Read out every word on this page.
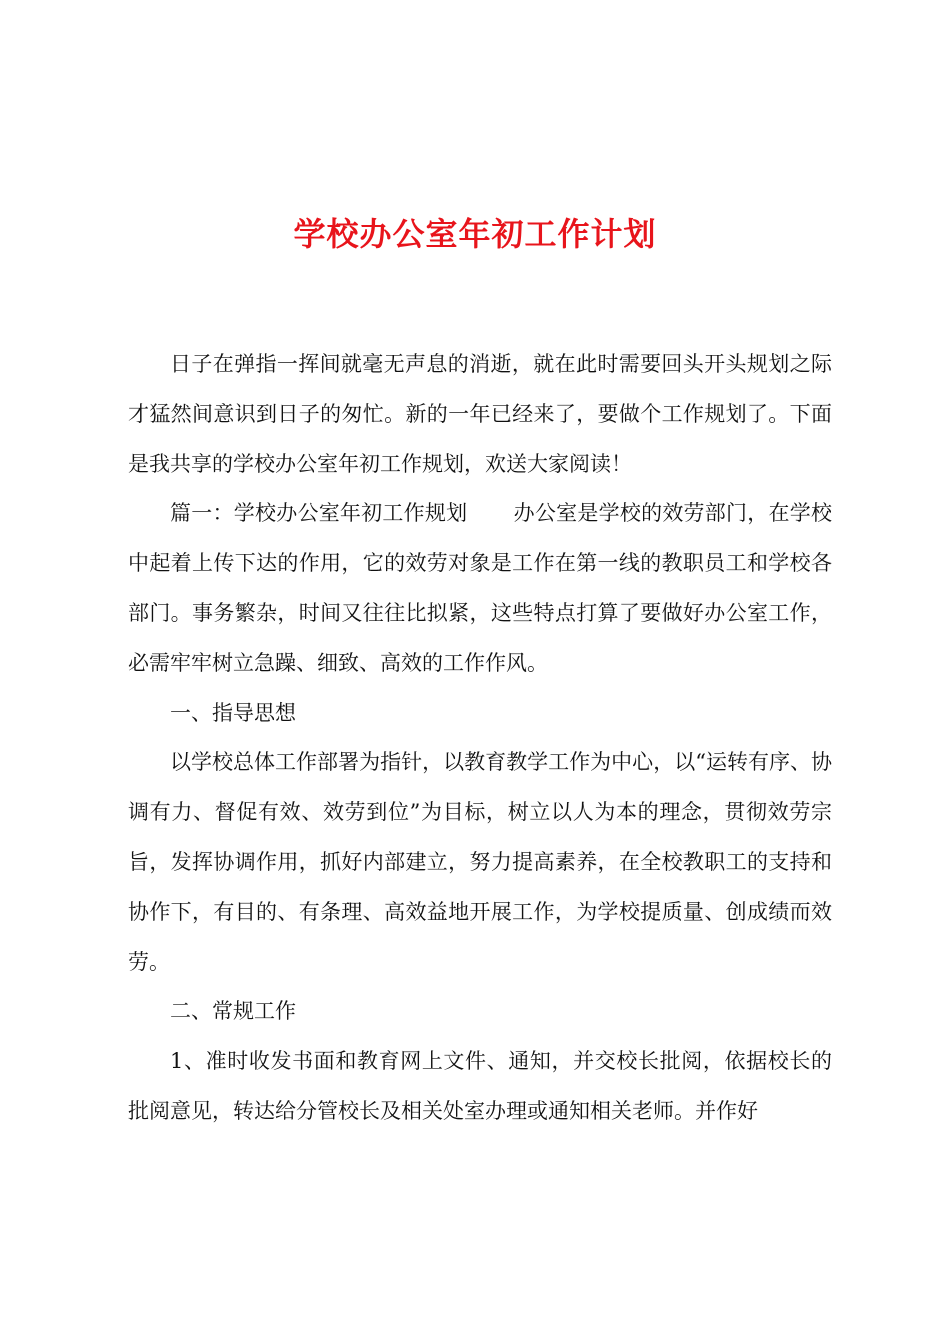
学校办公室年初工作计划

日子在弹指一挥间就毫无声息的消逝，就在此时需要回头开头规划之际才猛然间意识到日子的匆忙。新的一年已经来了，要做个工作规划了。下面是我共享的学校办公室年初工作规划，欢送大家阅读！

篇一：学校办公室年初工作规划 办公室是学校的效劳部门，在学校中起着上传下达的作用，它的效劳对象是工作在第一线的教职员工和学校各部门。事务繁杂，时间又往往比拟紧，这些特点打算了要做好办公室工作，必需牢牢树立急躁、细致、高效的工作作风。

一、指导思想

以学校总体工作部署为指针，以教育教学工作为中心，以“运转有序、协调有力、督促有效、效劳到位”为目标，树立以人为本的理念，贯彻效劳宗旨，发挥协调作用，抓好内部建立，努力提高素养，在全校教职工的支持和协作下，有目的、有条理、高效益地开展工作，为学校提质量、创成绩而效劳。

二、常规工作

1、准时收发书面和教育网上文件、通知，并交校长批阅，依据校长的批阅意见，转达给分管校长及相关处室办理或通知相关老师。并作好
